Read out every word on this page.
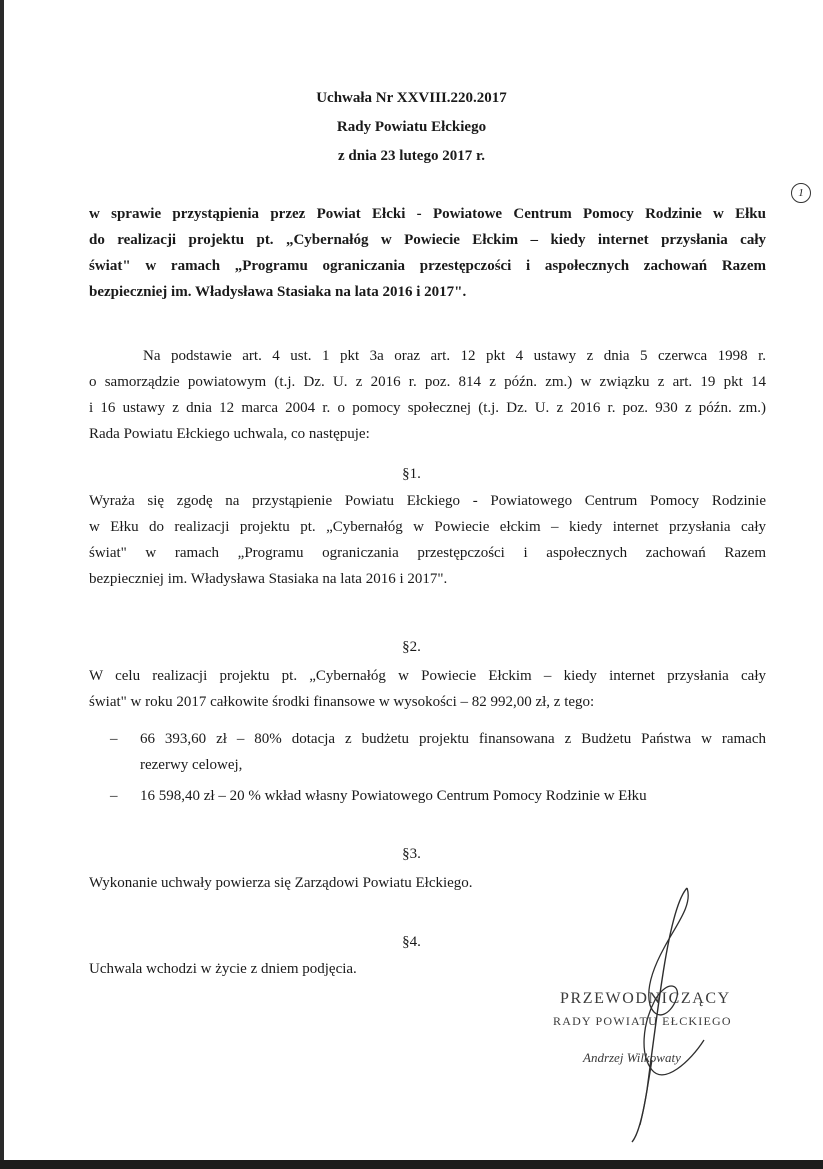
Uchwała Nr XXVIII.220.2017
Rady Powiatu Ełckiego
z dnia 23 lutego 2017 r.
1
w sprawie przystąpienia przez Powiat Ełcki - Powiatowe Centrum Pomocy Rodzinie w Ełku
do realizacji projektu pt. „Cybernałóg w Powiecie Ełckim – kiedy internet przysłania cały
świat" w ramach „Programu ograniczania przestępczości i aspołecznych zachowań Razem
bezpieczniej im. Władysława Stasiaka na lata 2016 i 2017".
Na podstawie art. 4 ust. 1 pkt 3a oraz art. 12 pkt 4 ustawy z dnia 5 czerwca 1998 r.
o samorządzie powiatowym (t.j. Dz. U. z 2016 r. poz. 814 z późn. zm.) w związku z art. 19 pkt 14
i 16 ustawy z dnia 12 marca 2004 r. o pomocy społecznej (t.j. Dz. U. z 2016 r. poz. 930 z późn. zm.)
Rada Powiatu Ełckiego uchwala, co następuje:
§1.
Wyraża się zgodę na przystąpienie Powiatu Ełckiego - Powiatowego Centrum Pomocy Rodzinie
w Ełku do realizacji projektu pt. „Cybernałóg w Powiecie ełckim – kiedy internet przysłania cały
świat" w ramach „Programu ograniczania przestępczości i aspołecznych zachowań Razem
bezpieczniej im. Władysława Stasiaka na lata 2016 i 2017".
§2.
W celu realizacji projektu pt. „Cybernałóg w Powiecie Ełckim – kiedy internet przysłania cały
świat" w roku 2017 całkowite środki finansowe w wysokości – 82 992,00 zł, z tego:
– 66 393,60 zł – 80% dotacja z budżetu projektu finansowana z Budżetu Państwa w ramach
rezerwy celowej,
– 16 598,40 zł – 20 % wkład własny Powiatowego Centrum Pomocy Rodzinie w Ełku
§3.
Wykonanie uchwały powierza się Zarządowi Powiatu Ełckiego.
§4.
Uchwala wchodzi w życie z dniem podjęcia.
PRZEWODNICZĄCY
RADY POWIATU EŁCKIEGO
Andrzej Wilkowaty
